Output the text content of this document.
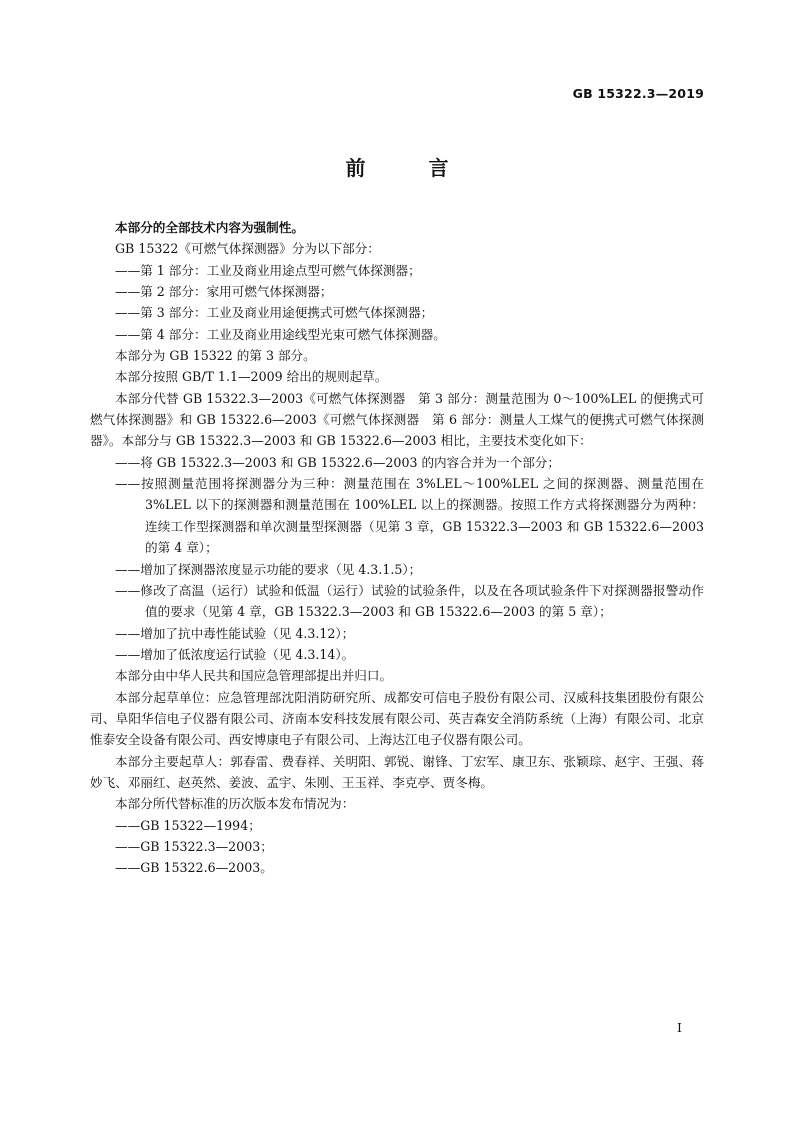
GB 15322.3—2019
前 言

本部分的全部技术内容为强制性。

GB 15322《可燃气体探测器》分为以下部分：

——第 1 部分：工业及商业用途点型可燃气体探测器；

——第 2 部分：家用可燃气体探测器；

——第 3 部分：工业及商业用途便携式可燃气体探测器；

——第 4 部分：工业及商业用途线型光束可燃气体探测器。

本部分为 GB 15322 的第 3 部分。

本部分按照 GB/T 1.1—2009 给出的规则起草。

本部分代替 GB 15322.3—2003《可燃气体探测器　第 3 部分：测量范围为 0～100%LEL 的便携式可燃气体探测器》和 GB 15322.6—2003《可燃气体探测器　第 6 部分：测量人工煤气的便携式可燃气体探测器》。本部分与 GB 15322.3—2003 和 GB 15322.6—2003 相比，主要技术变化如下：

——将 GB 15322.3—2003 和 GB 15322.6—2003 的内容合并为一个部分；

——按照测量范围将探测器分为三种：测量范围在 3%LEL～100%LEL 之间的探测器、测量范围在 3%LEL 以下的探测器和测量范围在 100%LEL 以上的探测器。按照工作方式将探测器分为两种：连续工作型探测器和单次测量型探测器（见第 3 章，GB 15322.3—2003 和 GB 15322.6—2003 的第 4 章）；

——增加了探测器浓度显示功能的要求（见 4.3.1.5）；

——修改了高温（运行）试验和低温（运行）试验的试验条件，以及在各项试验条件下对探测器报警动作值的要求（见第 4 章，GB 15322.3—2003 和 GB 15322.6—2003 的第 5 章）；

——增加了抗中毒性能试验（见 4.3.12）；

——增加了低浓度运行试验（见 4.3.14）。

本部分由中华人民共和国应急管理部提出并归口。

本部分起草单位：应急管理部沈阳消防研究所、成都安可信电子股份有限公司、汉威科技集团股份有限公司、阜阳华信电子仪器有限公司、济南本安科技发展有限公司、英吉森安全消防系统（上海）有限公司、北京惟泰安全设备有限公司、西安博康电子有限公司、上海达江电子仪器有限公司。

本部分主要起草人：郭春雷、费春祥、关明阳、郭锐、谢锋、丁宏军、康卫东、张颖琮、赵宇、王强、蒋妙飞、邓丽红、赵英然、姜波、孟宇、朱刚、王玉祥、李克亭、贾冬梅。

本部分所代替标准的历次版本发布情况为：

——GB 15322—1994；

——GB 15322.3—2003；

——GB 15322.6—2003。

I
